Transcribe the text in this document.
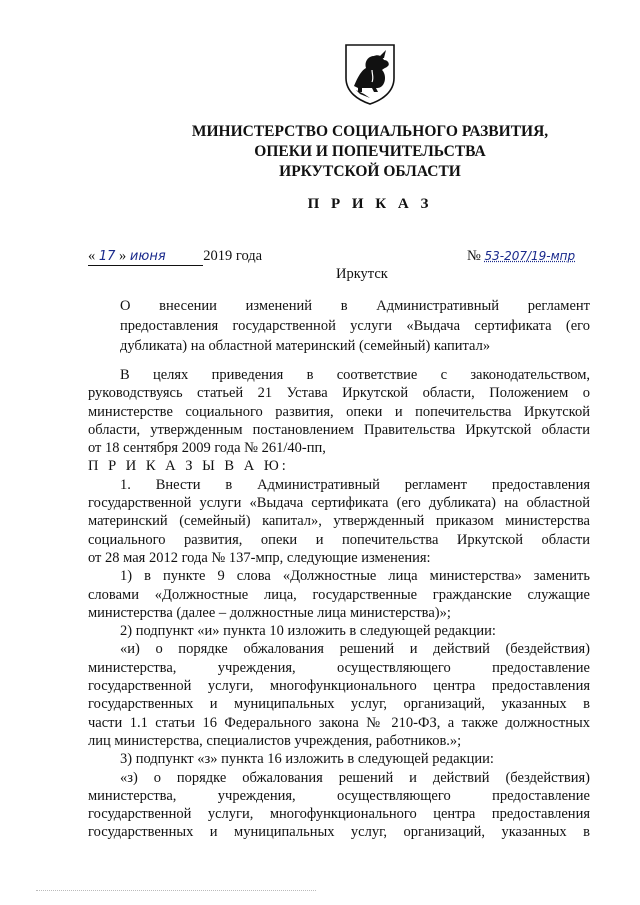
МИНИСТЕРСТВО СОЦИАЛЬНОГО РАЗВИТИЯ,
ОПЕКИ И ПОПЕЧИТЕЛЬСТВА
ИРКУТСКОЙ ОБЛАСТИ
П Р И К А З
« 17 » июня	2019 года	№ 53-207/19-мпр
Иркутск
О внесении изменений в Административный регламент
предоставления государственной услуги «Выдача сертификата (его
дубликата) на областной материнский (семейный) капитал»
В целях приведения в соответствие с законодательством,
руководствуясь статьей 21 Устава Иркутской области, Положением о
министерстве социального развития, опеки и попечительства Иркутской
области, утвержденным постановлением Правительства Иркутской области
от 18 сентября 2009 года № 261/40-пп,
П Р И К А З Ы В А Ю:
1. Внести в Административный регламент предоставления
государственной услуги «Выдача сертификата (его дубликата) на областной
материнский (семейный) капитал», утвержденный приказом министерства
социального развития, опеки и попечительства Иркутской области
от 28 мая 2012 года № 137-мпр, следующие изменения:
1) в пункте 9 слова «Должностные лица министерства» заменить
словами «Должностные лица, государственные гражданские служащие
министерства (далее – должностные лица министерства)»;
2) подпункт «и» пункта 10 изложить в следующей редакции:
«и) о порядке обжалования решений и действий (бездействия)
министерства, учреждения, осуществляющего предоставление
государственной услуги, многофункционального центра предоставления
государственных и муниципальных услуг, организаций, указанных в
части 1.1 статьи 16 Федерального закона № 210-ФЗ, а также должностных
лиц министерства, специалистов учреждения, работников.»;
3) подпункт «з» пункта 16 изложить в следующей редакции:
«з) о порядке обжалования решений и действий (бездействия)
министерства, учреждения, осуществляющего предоставление
государственной услуги, многофункционального центра предоставления
государственных и муниципальных услуг, организаций, указанных в
